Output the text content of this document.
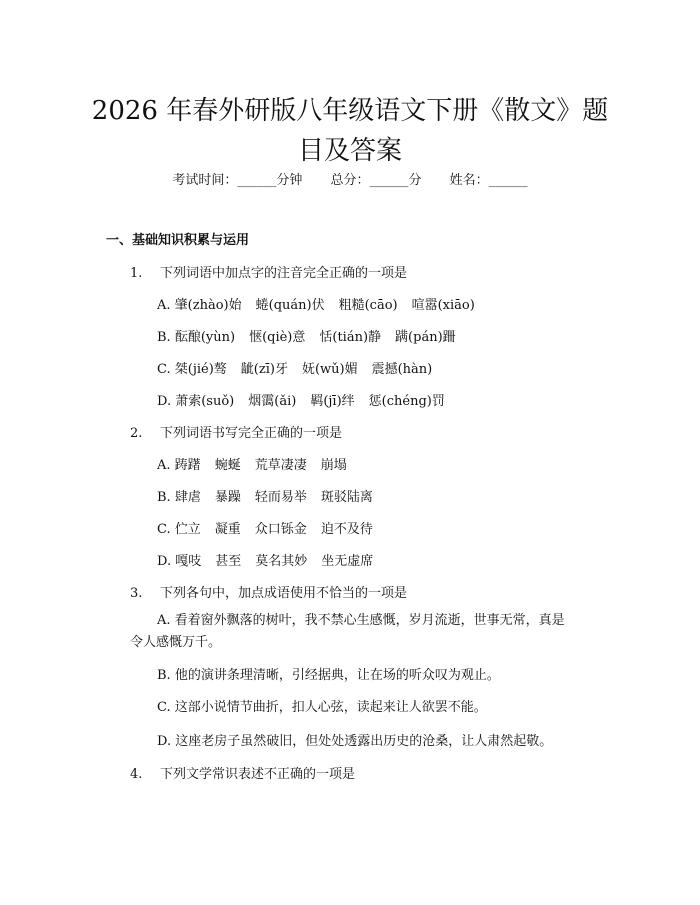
2026 年春外研版八年级语文下册《散文》题目及答案
考试时间：______分钟 总分：______分 姓名：______
一、基础知识积累与运用
1. 下列词语中加点字的注音完全正确的一项是
A. 肇(zhào)始 蜷(quán)伏 粗糙(cāo) 喧嚣(xiāo)
B. 酝酿(yùn) 惬(qiè)意 恬(tián)静 蹒(pán)跚
C. 桀(jié)骜 龇(zī)牙 妩(wǔ)媚 震撼(hàn)
D. 萧索(suǒ) 烟霭(ǎi) 羁(jī)绊 惩(chéng)罚
2. 下列词语书写完全正确的一项是
A. 踌躇 蜿蜒 荒草凄凄 崩塌
B. 肆虐 暴躁 轻而易举 斑驳陆离
C. 伫立 凝重 众口铄金 迫不及待
D. 嘎吱 甚至 莫名其妙 坐无虚席
3. 下列各句中，加点成语使用不恰当的一项是
A. 看着窗外飘落的树叶，我不禁心生感慨，岁月流逝，世事无常，真是令人感慨万千。
B. 他的演讲条理清晰，引经据典，让在场的听众叹为观止。
C. 这部小说情节曲折，扣人心弦，读起来让人欲罢不能。
D. 这座老房子虽然破旧，但处处透露出历史的沧桑，让人肃然起敬。
4. 下列文学常识表述不正确的一项是
